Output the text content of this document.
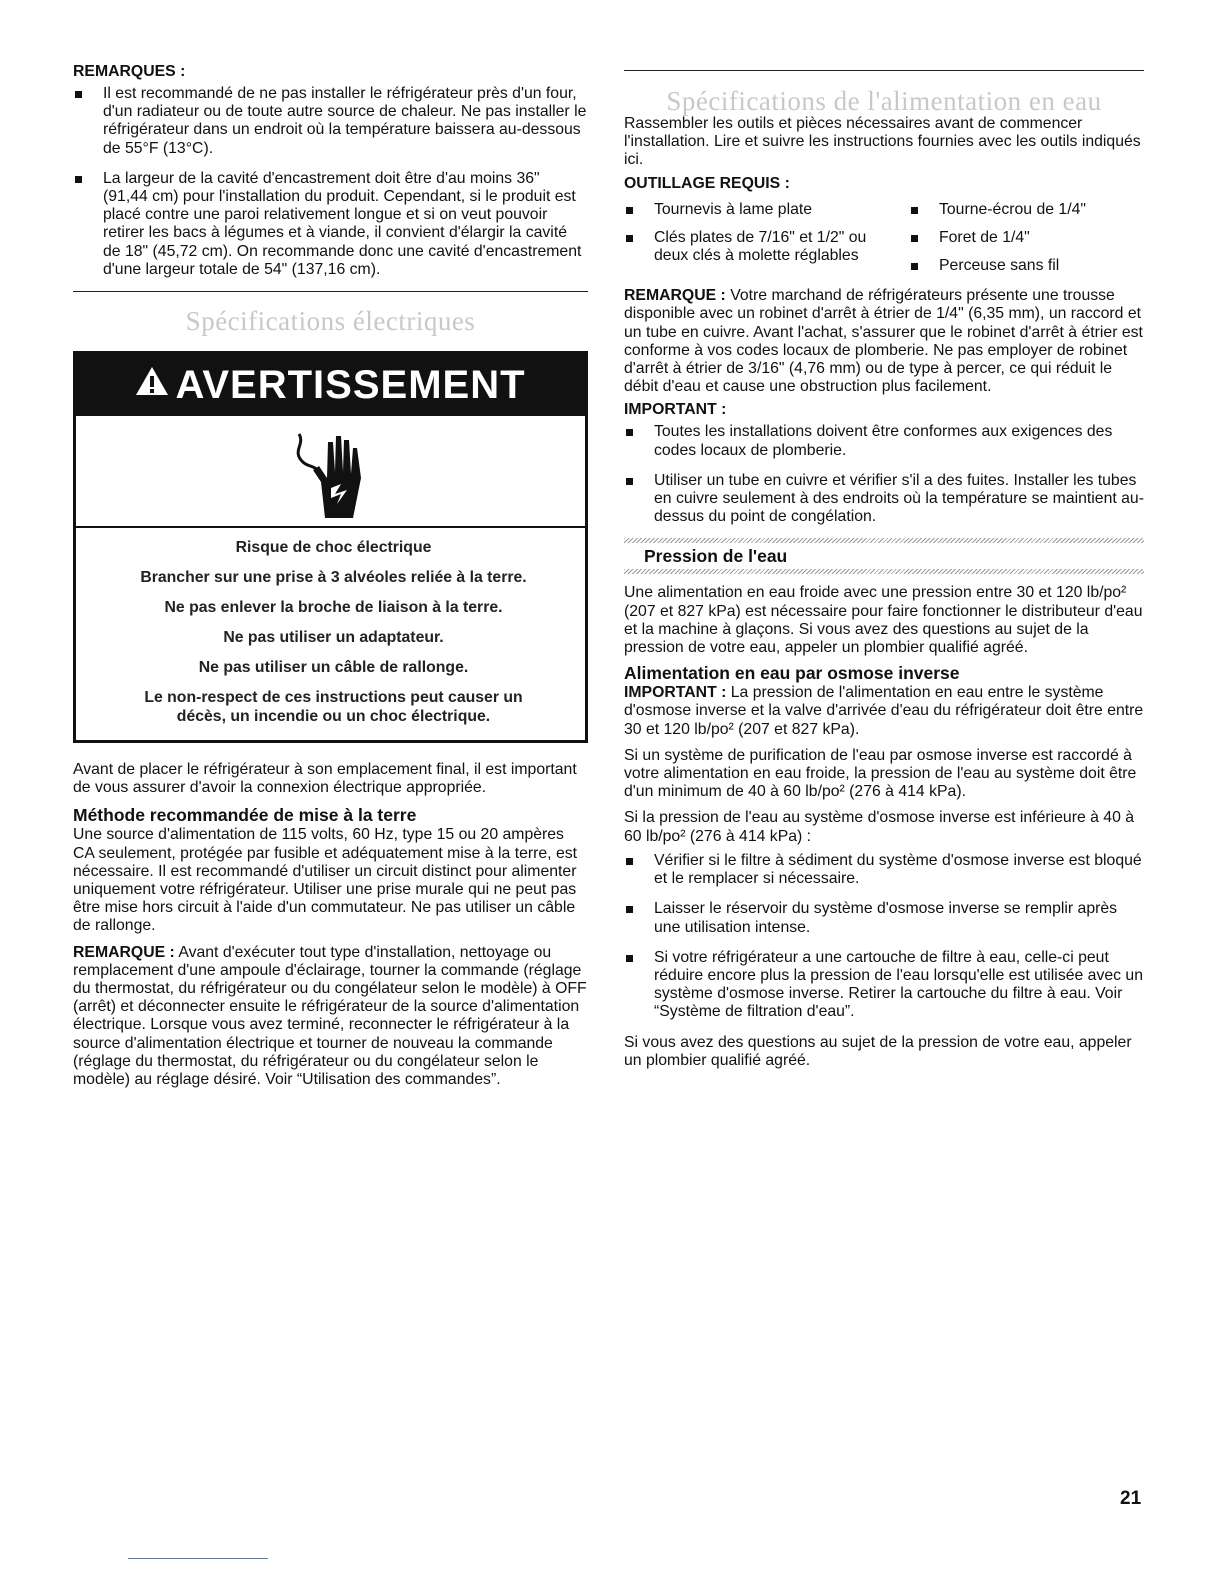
REMARQUES :
Il est recommandé de ne pas installer le réfrigérateur près d'un four, d'un radiateur ou de toute autre source de chaleur. Ne pas installer le réfrigérateur dans un endroit où la température baissera au-dessous de 55°F (13°C).
La largeur de la cavité d'encastrement doit être d'au moins 36" (91,44 cm) pour l'installation du produit. Cependant, si le produit est placé contre une paroi relativement longue et si on veut pouvoir retirer les bacs à légumes et à viande, il convient d'élargir la cavité de 18" (45,72 cm). On recommande donc une cavité d'encastrement d'une largeur totale de 54" (137,16 cm).
Spécifications électriques
AVERTISSEMENT

Risque de choc électrique

Brancher sur une prise à 3 alvéoles reliée à la terre.

Ne pas enlever la broche de liaison à la terre.

Ne pas utiliser un adaptateur.

Ne pas utiliser un câble de rallonge.

Le non-respect de ces instructions peut causer un décès, un incendie ou un choc électrique.

Avant de placer le réfrigérateur à son emplacement final, il est important de vous assurer d'avoir la connexion électrique appropriée.

Méthode recommandée de mise à la terre

Une source d'alimentation de 115 volts, 60 Hz, type 15 ou 20 ampères CA seulement, protégée par fusible et adéquatement mise à la terre, est nécessaire. Il est recommandé d'utiliser un circuit distinct pour alimenter uniquement votre réfrigérateur. Utiliser une prise murale qui ne peut pas être mise hors circuit à l'aide d'un commutateur. Ne pas utiliser un câble de rallonge.

REMARQUE : Avant d'exécuter tout type d'installation, nettoyage ou remplacement d'une ampoule d'éclairage, tourner la commande (réglage du thermostat, du réfrigérateur ou du congélateur selon le modèle) à OFF (arrêt) et déconnecter ensuite le réfrigérateur de la source d'alimentation électrique. Lorsque vous avez terminé, reconnecter le réfrigérateur à la source d'alimentation électrique et tourner de nouveau la commande (réglage du thermostat, du réfrigérateur ou du congélateur selon le modèle) au réglage désiré. Voir “Utilisation des commandes”.

Spécifications de l'alimentation en eau

Rassembler les outils et pièces nécessaires avant de commencer l'installation. Lire et suivre les instructions fournies avec les outils indiqués ici.

OUTILLAGE REQUIS :
Tournevis à lame plate
Clés plates de 7/16" et 1/2" ou deux clés à molette réglables
Tourne-écrou de 1/4"
Foret de 1/4"
Perceuse sans fil

REMARQUE : Votre marchand de réfrigérateurs présente une trousse disponible avec un robinet d'arrêt à étrier de 1/4" (6,35 mm), un raccord et un tube en cuivre. Avant l'achat, s'assurer que le robinet d'arrêt à étrier est conforme à vos codes locaux de plomberie. Ne pas employer de robinet d'arrêt à étrier de 3/16" (4,76 mm) ou de type à percer, ce qui réduit le débit d'eau et cause une obstruction plus facilement.

IMPORTANT :
Toutes les installations doivent être conformes aux exigences des codes locaux de plomberie.
Utiliser un tube en cuivre et vérifier s'il a des fuites. Installer les tubes en cuivre seulement à des endroits où la température se maintient au-dessus du point de congélation.
Pression de l'eau

Une alimentation en eau froide avec une pression entre 30 et 120 lb/po² (207 et 827 kPa) est nécessaire pour faire fonctionner le distributeur d'eau et la machine à glaçons. Si vous avez des questions au sujet de la pression de votre eau, appeler un plombier qualifié agréé.

Alimentation en eau par osmose inverse

IMPORTANT : La pression de l'alimentation en eau entre le système d'osmose inverse et la valve d'arrivée d'eau du réfrigérateur doit être entre 30 et 120 lb/po² (207 et 827 kPa).

Si un système de purification de l'eau par osmose inverse est raccordé à votre alimentation en eau froide, la pression de l'eau au système doit être d'un minimum de 40 à 60 lb/po² (276 à 414 kPa).

Si la pression de l'eau au système d'osmose inverse est inférieure à 40 à 60 lb/po² (276 à 414 kPa) :

Vérifier si le filtre à sédiment du système d'osmose inverse est bloqué et le remplacer si nécessaire.
Laisser le réservoir du système d'osmose inverse se remplir après une utilisation intense.
Si votre réfrigérateur a une cartouche de filtre à eau, celle-ci peut réduire encore plus la pression de l'eau lorsqu'elle est utilisée avec un système d'osmose inverse. Retirer la cartouche du filtre à eau. Voir “Système de filtration d'eau”.

Si vous avez des questions au sujet de la pression de votre eau, appeler un plombier qualifié agréé.

21
